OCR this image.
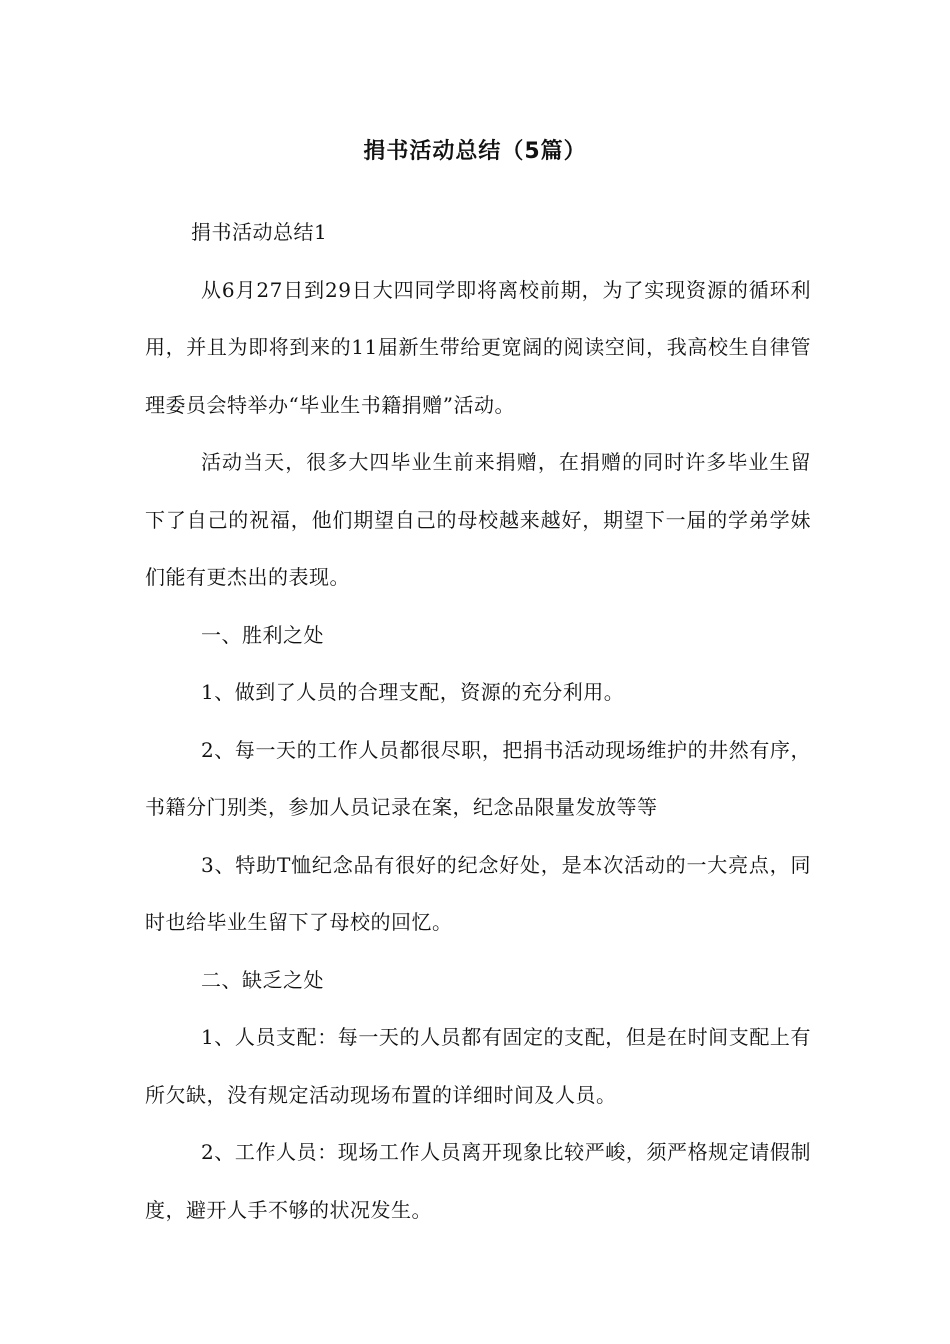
捐书活动总结（5篇）

捐书活动总结1

从6月27日到29日大四同学即将离校前期，为了实现资源的循环利用，并且为即将到来的11届新生带给更宽阔的阅读空间，我高校生自律管理委员会特举办“毕业生书籍捐赠”活动。

活动当天，很多大四毕业生前来捐赠，在捐赠的同时许多毕业生留下了自己的祝福，他们期望自己的母校越来越好，期望下一届的学弟学妹们能有更杰出的表现。

一、胜利之处

1、做到了人员的合理支配，资源的充分利用。

2、每一天的工作人员都很尽职，把捐书活动现场维护的井然有序，书籍分门别类，参加人员记录在案，纪念品限量发放等等

3、特助T恤纪念品有很好的纪念好处，是本次活动的一大亮点，同时也给毕业生留下了母校的回忆。

二、缺乏之处

1、人员支配：每一天的人员都有固定的支配，但是在时间支配上有所欠缺，没有规定活动现场布置的详细时间及人员。

2、工作人员：现场工作人员离开现象比较严峻，须严格规定请假制度，避开人手不够的状况发生。
